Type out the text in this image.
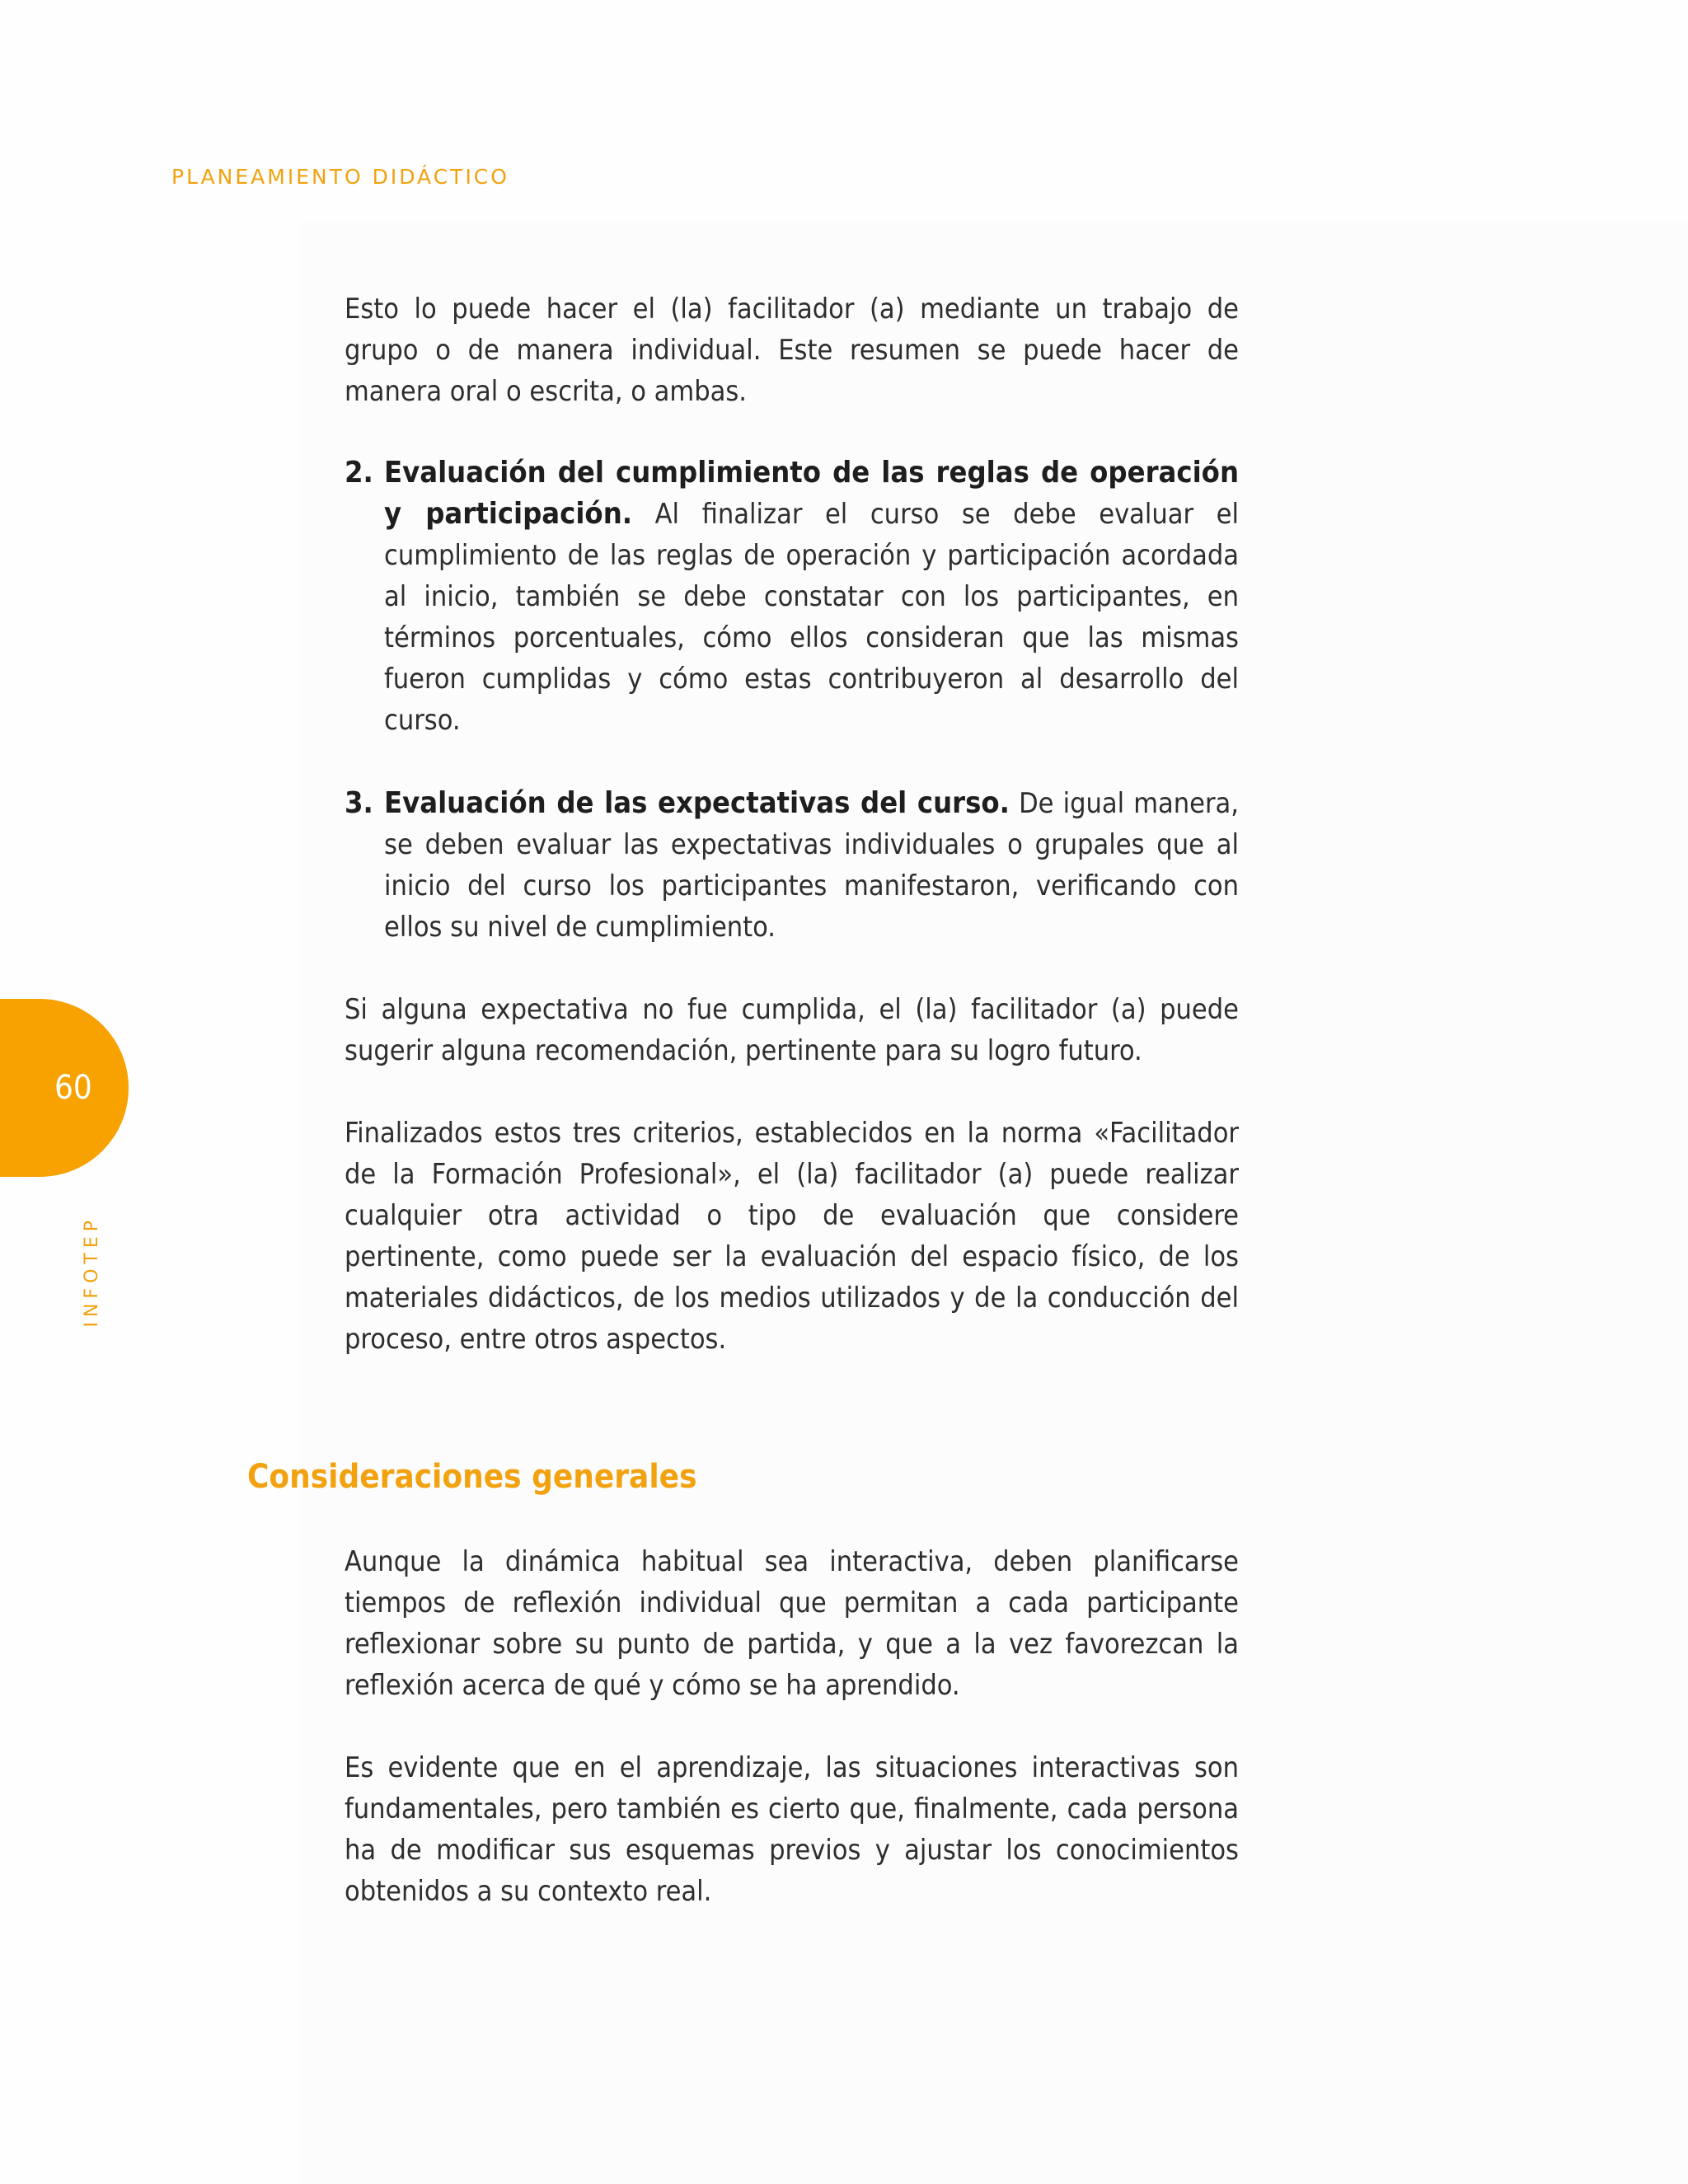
PLANEAMIENTO DIDÁCTICO
60
INFOTEP

Esto lo puede hacer el (la) facilitador (a) mediante un trabajo de grupo o de manera individual. Este resumen se puede hacer de manera oral o escrita, o ambas.

2. Evaluación del cumplimiento de las reglas de operación y participación. Al finalizar el curso se debe evaluar el cumplimiento de las reglas de operación y participación acordada al inicio, también se debe constatar con los participantes, en términos porcentuales, cómo ellos consideran que las mismas fueron cumplidas y cómo estas contribuyeron al desarrollo del curso.

3. Evaluación de las expectativas del curso. De igual manera, se deben evaluar las expectativas individuales o grupales que al inicio del curso los participantes manifestaron, verificando con ellos su nivel de cumplimiento.

Si alguna expectativa no fue cumplida, el (la) facilitador (a) puede sugerir alguna recomendación, pertinente para su logro futuro.

Finalizados estos tres criterios, establecidos en la norma «Facilitador de la Formación Profesional», el (la) facilitador (a) puede realizar cualquier otra actividad o tipo de evaluación que considere pertinente, como puede ser la evaluación del espacio físico, de los materiales didácticos, de los medios utilizados y de la conducción del proceso, entre otros aspectos.

Consideraciones generales

Aunque la dinámica habitual sea interactiva, deben planificarse tiempos de reflexión individual que permitan a cada participante reflexionar sobre su punto de partida, y que a la vez favorezcan la reflexión acerca de qué y cómo se ha aprendido.

Es evidente que en el aprendizaje, las situaciones interactivas son fundamentales, pero también es cierto que, finalmente, cada persona ha de modificar sus esquemas previos y ajustar los conocimientos obtenidos a su contexto real.
